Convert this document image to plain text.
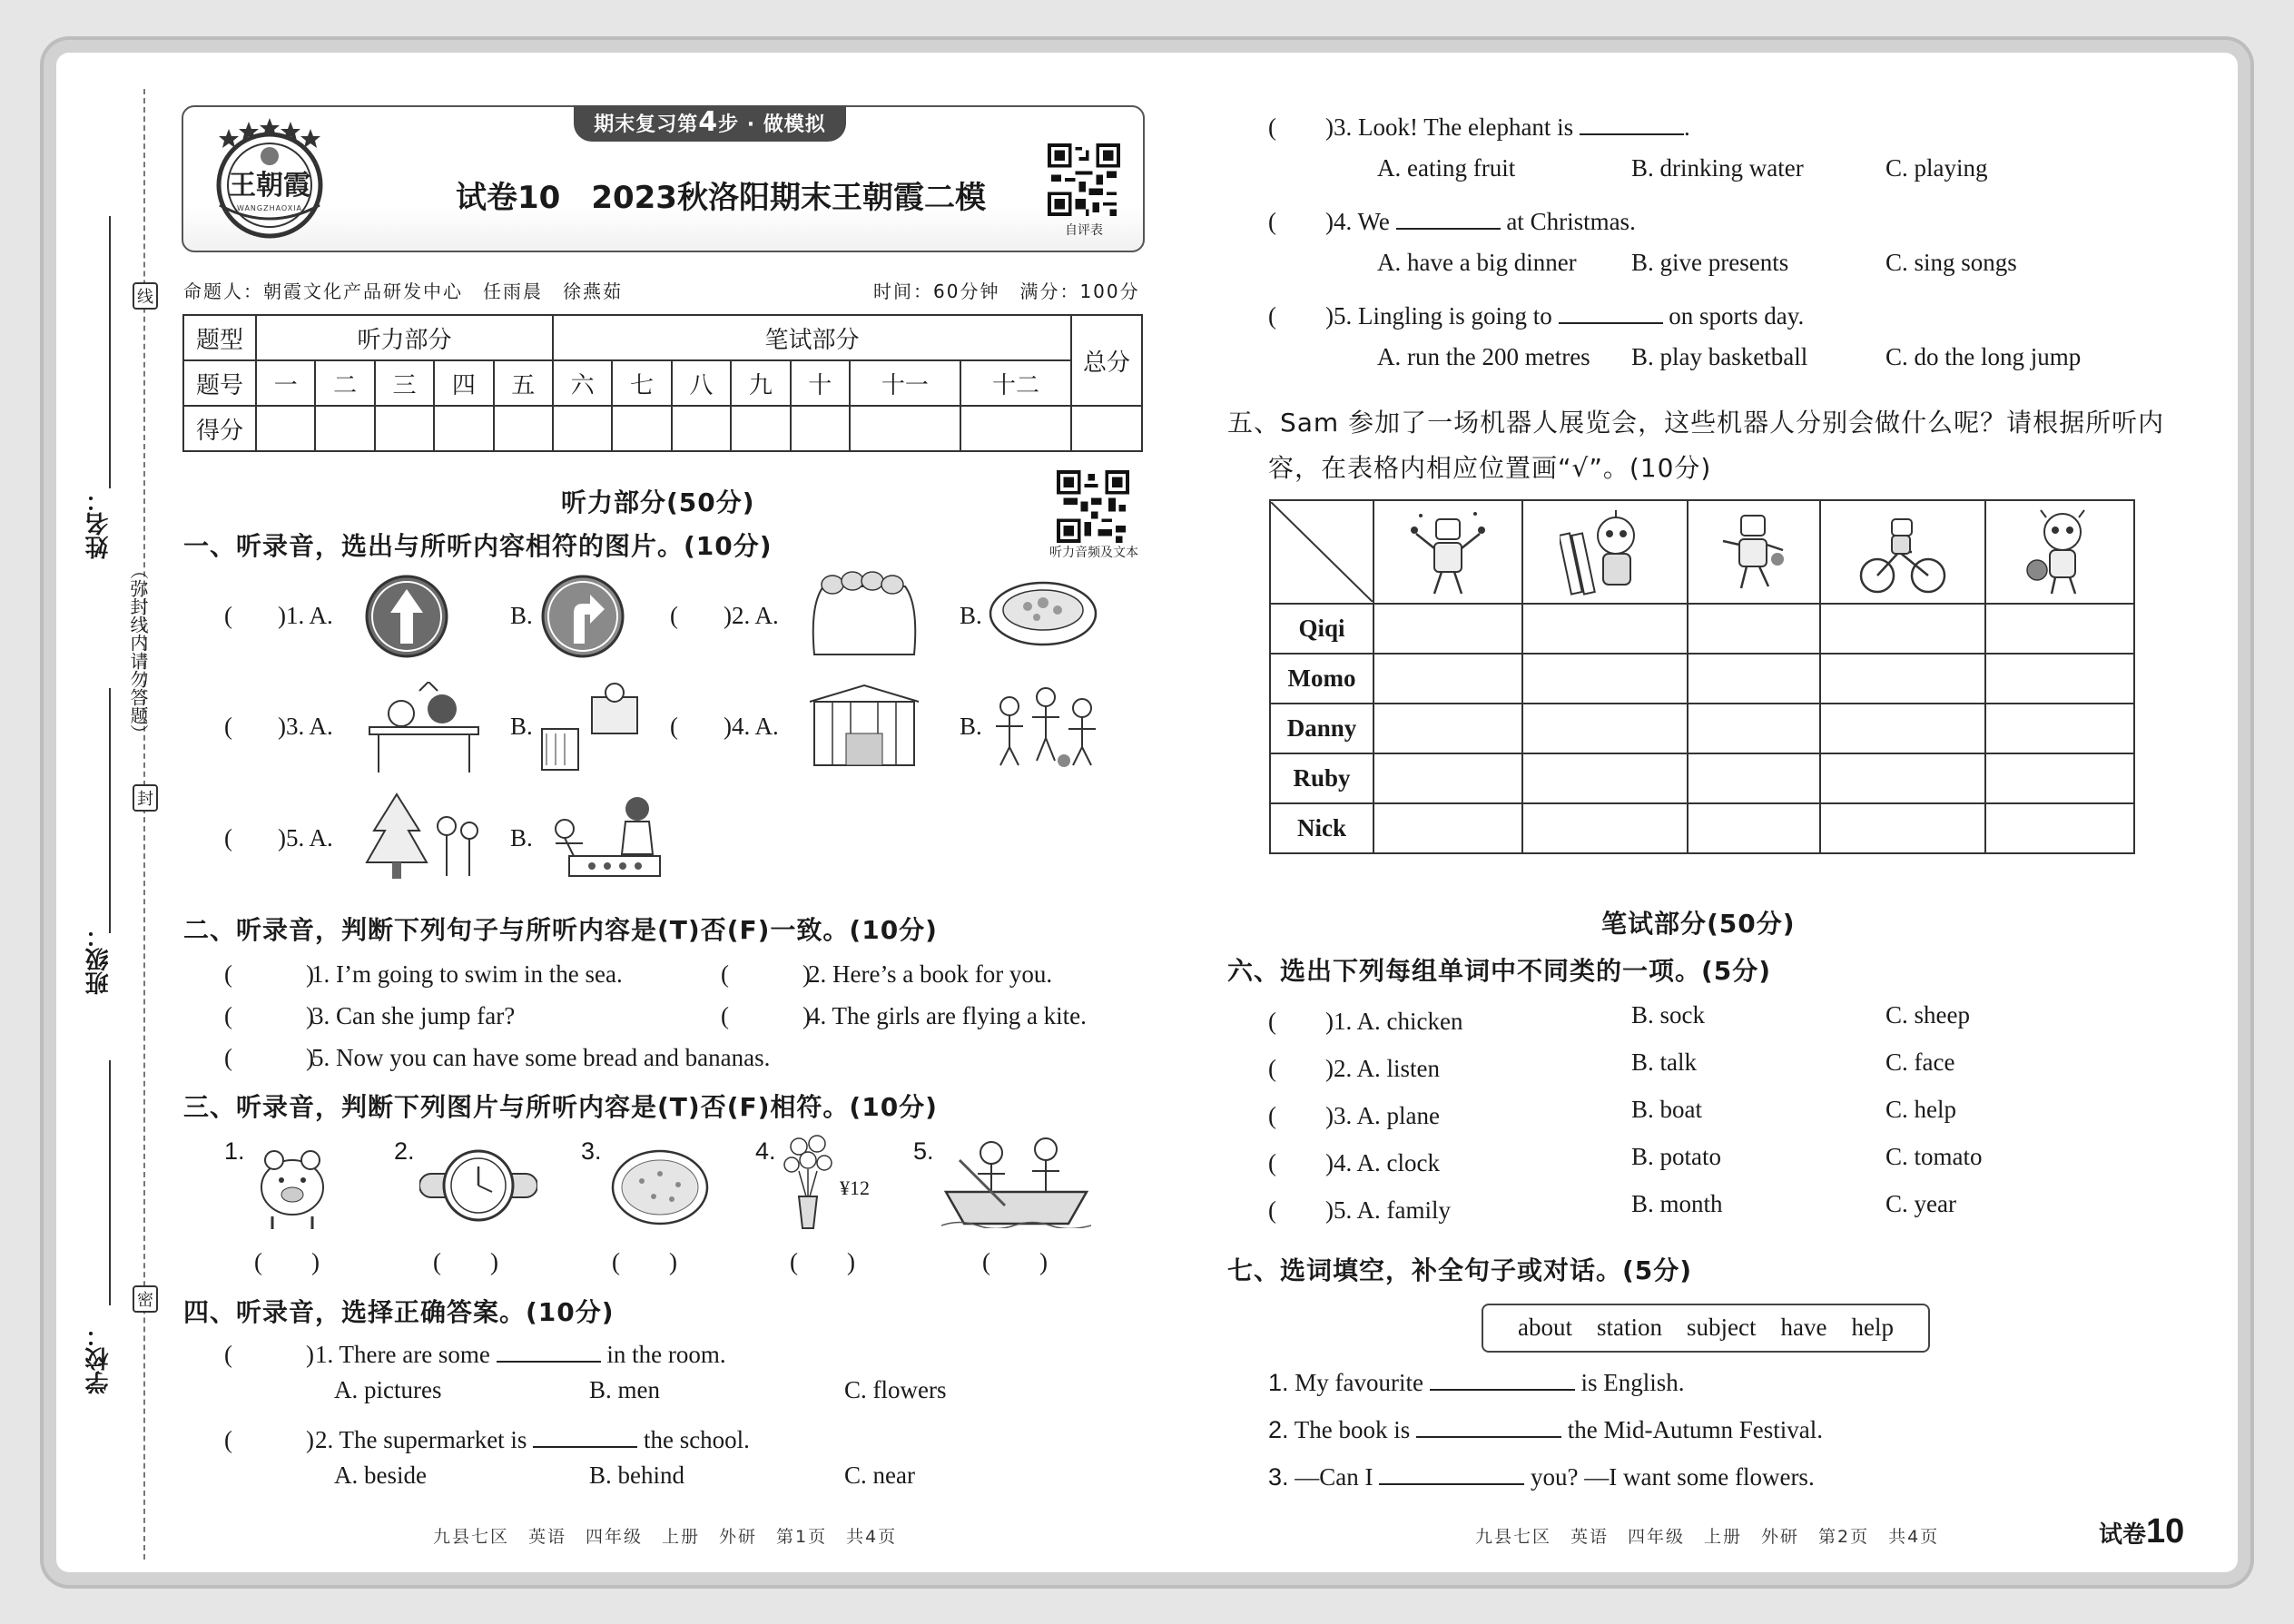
线
封
密
（弥封线内请勿答题）
姓名：
班级：
学校：
王朝霞
WANGZHAOXIA
期末复习第4步 · 做模拟
试卷10　2023秋洛阳期末王朝霞二模
自评表
命题人：朝霞文化产品研发中心　任雨晨　徐燕茹	时间：60分钟　满分：100分
题型	听力部分					笔试部分							总分
题号	一	二	三	四	五	六	七	八	九	十	十一	十二	
得分													
听力部分(50分)
听力音频及文本
一、听录音，选出与所听内容相符的图片。(10分)
( )1. A.	B.	( )2. A.	B.
( )3. A.	B.	( )4. A.	B.
( )5. A.	B.
二、听录音，判断下列句子与所听内容是(T)否(F)一致。(10分)
(　　　)1. I’m going to swim in the sea.	(　　　)2. Here’s a book for you.
(　　　)3. Can she jump far?	(　　　)4. The girls are flying a kite.
(　　　)5. Now you can have some bread and bananas.
三、听录音，判断下列图片与所听内容是(T)否(F)相符。(10分)
1.	2.	3.	4.
¥12
5.
(　　)	(　　)	(　　)	(　　)	(　　)
四、听录音，选择正确答案。(10分)
(　　　)1. There are some	in the room.
A. pictures	B. men	C. flowers
(　　　)2. The supermarket is	the school.
A. beside	B. behind	C. near
九县七区　英语　四年级　上册　外研　第1页　共4页
(　　)3. Look! The elephant is	.
A. eating fruit	B. drinking water	C. playing
(　　)4. We	at Christmas.
A. have a big dinner B. give presents	C. sing songs
(　　)5. Lingling is going to	on sports day.
A. run the 200 metres B. play basketball	C. do the long jump
五、Sam 参加了一场机器人展览会，这些机器人分别会做什么呢？请根据所听内
容，在表格内相应位置画“√”。(10分)

Qiqi					
Momo					
Danny					
Ruby					
Nick					
笔试部分(50分)
六、选出下列每组单词中不同类的一项。(5分)
(　　)1. A. chicken	B. sock	C. sheep
(　　)2. A. listen	B. talk	C. face
(　　)3. A. plane	B. boat	C. help
(　　)4. A. clock	B. potato	C. tomato
(　　)5. A. family	B. month	C. year
七、选词填空，补全句子或对话。(5分)
about　station　subject　have　help
1. My favourite	is English.
2. The book is	the Mid-Autumn Festival.
3. —Can I	you? —I want some flowers.
九县七区　英语　四年级　上册　外研　第2页　共4页	试卷10
